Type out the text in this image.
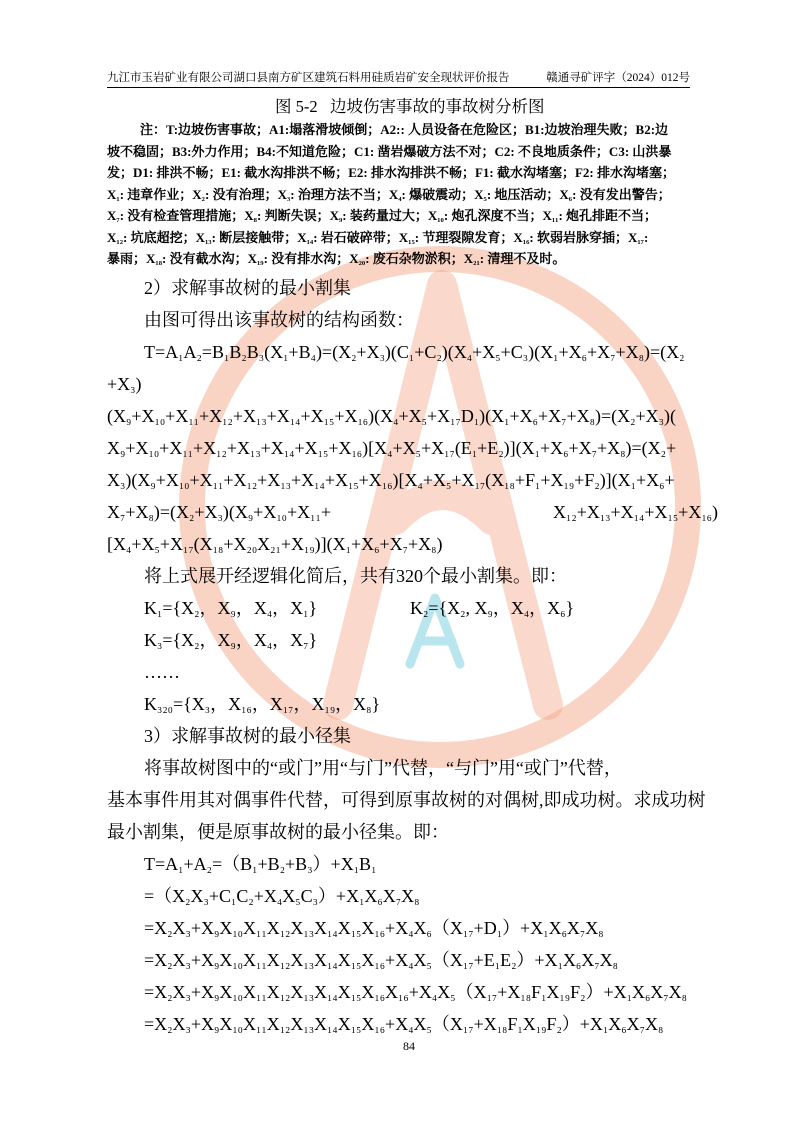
九江市玉岩矿业有限公司湖口县南方矿区建筑石料用硅质岩矿安全现状评价报告	赣通寻矿评字（2024）012号
图 5-2   边坡伤害事故的事故树分析图
注：T:边坡伤害事故；A1:塌落滑坡倾倒；A2:: 人员设备在危险区；B1:边坡治理失败；B2:边
坡不稳固；B3:外力作用；B4:不知道危险；C1: 凿岩爆破方法不对；C2: 不良地质条件；C3: 山洪暴
发；D1: 排洪不畅；E1: 截水沟排洪不畅；E2: 排水沟排洪不畅；F1: 截水沟堵塞；F2: 排水沟堵塞；
X₁: 违章作业；X₂: 没有治理；X₃: 治理方法不当；X₄: 爆破震动；X₅: 地压活动；X₆: 没有发出警告；
X₇: 没有检查管理措施；X₈: 判断失误；X₉: 装药量过大；X₁₀: 炮孔深度不当；X₁₁: 炮孔排距不当；
X₁₂: 坑底超挖；X₁₃: 断层接触带；X₁₄: 岩石破碎带；X₁₅: 节理裂隙发育；X₁₆: 软弱岩脉穿插；X₁₇:
暴雨；X₁₈: 没有截水沟；X₁₉: 没有排水沟；X₂₀: 废石杂物淤积；X₂₁: 清理不及时。
2）求解事故树的最小割集
由图可得出该事故树的结构函数：
T=A₁A₂=B₁B₂B₃(X₁+B₄)=(X₂+X₃)(C₁+C₂)(X₄+X₅+C₃)(X₁+X₆+X₇+X₈)=(X₂
+X₃)
(X₉+X₁₀+X₁₁+X₁₂+X₁₃+X₁₄+X₁₅+X₁₆)(X₄+X₅+X₁₇D₁)(X₁+X₆+X₇+X₈)=(X₂+X₃)(
X₉+X₁₀+X₁₁+X₁₂+X₁₃+X₁₄+X₁₅+X₁₆)[X₄+X₅+X₁₇(E₁+E₂)](X₁+X₆+X₇+X₈)=(X₂+
X₃)(X₉+X₁₀+X₁₁+X₁₂+X₁₃+X₁₄+X₁₅+X₁₆)[X₄+X₅+X₁₇(X₁₈+F₁+X₁₉+F₂)](X₁+X₆+
X₇+X₈)=(X₂+X₃)(X₉+X₁₀+X₁₁+	X₁₂+X₁₃+X₁₄+X₁₅+X₁₆)
[X₄+X₅+X₁₇(X₁₈+X₂₀X₂₁+X₁₉)](X₁+X₆+X₇+X₈)
将上式展开经逻辑化简后，共有320个最小割集。即：
K₁={X₂，X₉，X₄，X₁}	K₂={X₂, X₉，X₄，X₆}
K₃={X₂，X₉，X₄，X₇}
……
K₃₂₀={X₃，X₁₆，X₁₇，X₁₉，X₈}
3）求解事故树的最小径集
将事故树图中的“或门”用“与门”代替，“与门”用“或门”代替，
基本事件用其对偶事件代替，可得到原事故树的对偶树,即成功树。求成功树
最小割集，便是原事故树的最小径集。即：
T=A₁+A₂=（B₁+B₂+B₃）+X₁B₁
=（X₂X₃+C₁C₂+X₄X₅C₃）+X₁X₆X₇X₈
=X₂X₃+X₉X₁₀X₁₁X₁₂X₁₃X₁₄X₁₅X₁₆+X₄X₆（X₁₇+D₁）+X₁X₆X₇X₈
=X₂X₃+X₉X₁₀X₁₁X₁₂X₁₃X₁₄X₁₅X₁₆+X₄X₅（X₁₇+E₁E₂）+X₁X₆X₇X₈
=X₂X₃+X₉X₁₀X₁₁X₁₂X₁₃X₁₄X₁₅X₁₆X₁₆+X₄X₅（X₁₇+X₁₈F₁X₁₉F₂）+X₁X₆X₇X₈
=X₂X₃+X₉X₁₀X₁₁X₁₂X₁₃X₁₄X₁₅X₁₆+X₄X₅（X₁₇+X₁₈F₁X₁₉F₂）+X₁X₆X₇X₈
84
